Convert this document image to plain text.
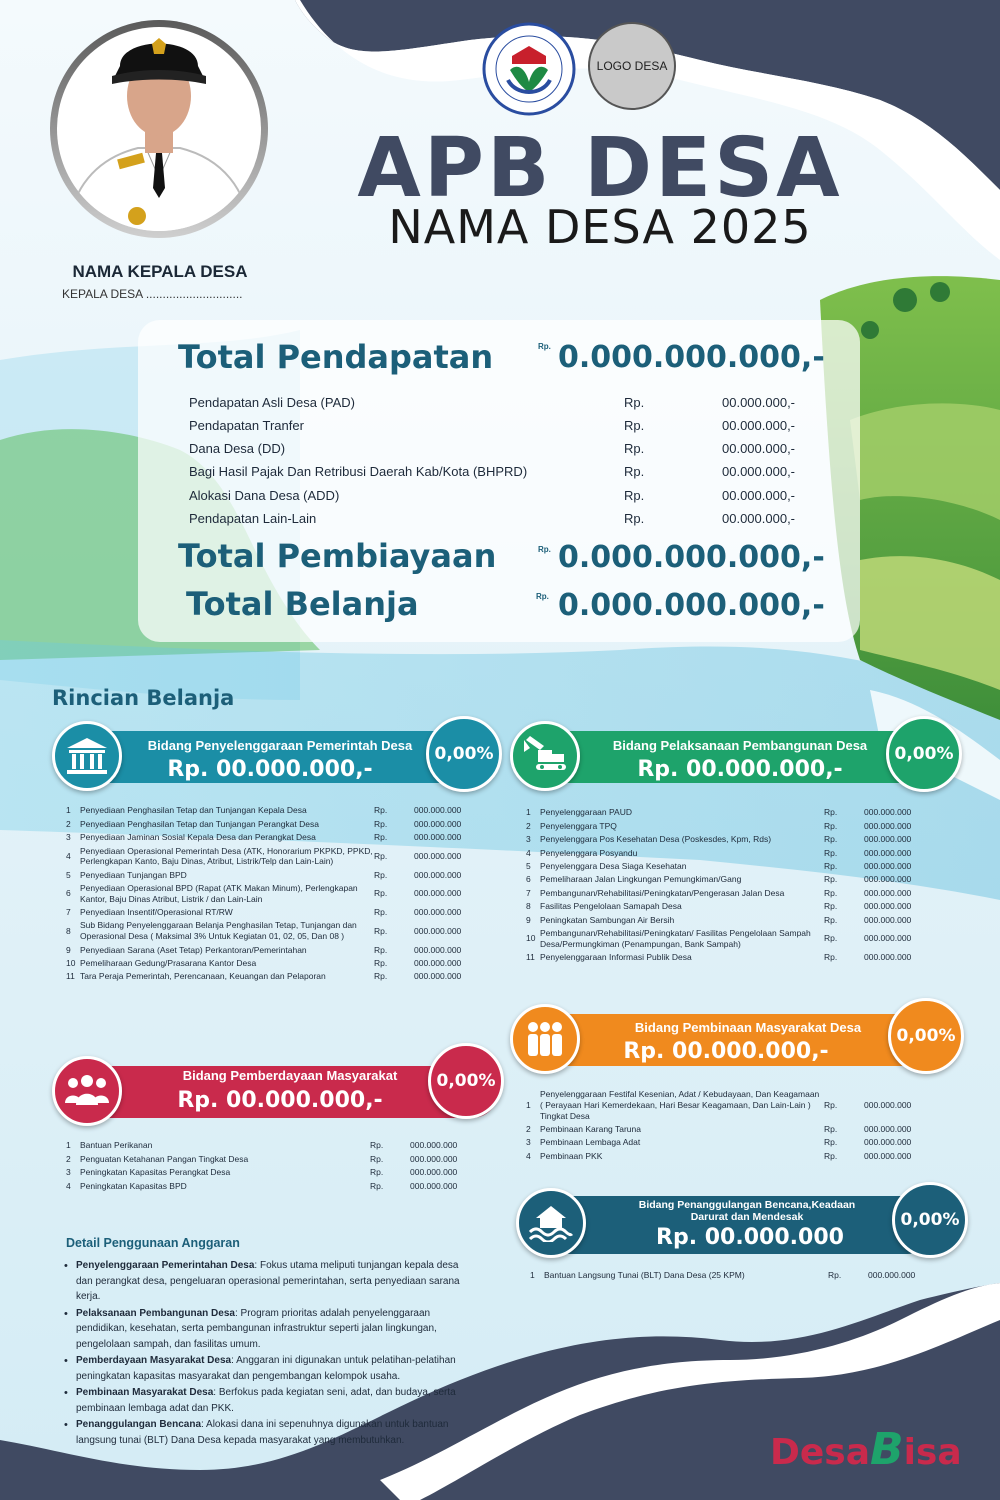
NAMA KEPALA DESA
KEPALA DESA .............................
LOGO DESA
APB DESA
NAMA DESA 2025
Total Pendapatan	Rp. 0.000.000.000,-
Pendapatan Asli Desa (PAD)	Rp.	00.000.000,-
Pendapatan Tranfer	Rp.	00.000.000,-
Dana Desa (DD)	Rp.	00.000.000,-
Bagi Hasil Pajak Dan Retribusi Daerah Kab/Kota (BHPRD)	Rp.	00.000.000,-
Alokasi Dana Desa (ADD)	Rp.	00.000.000,-
Pendapatan Lain-Lain	Rp.	00.000.000,-
Total Pembiayaan	Rp. 0.000.000.000,-
Total Belanja	Rp. 0.000.000.000,-
Rincian Belanja
Bidang Penyelenggaraan Pemerintah Desa
Rp. 00.000.000,-
0,00%
1	Penyediaan Penghasilan Tetap dan Tunjangan Kepala Desa	Rp.	000.000.000
2	Penyediaan Penghasilan Tetap dan Tunjangan Perangkat Desa	Rp.	000.000.000
3	Penyediaan Jaminan Sosial Kepala Desa dan Perangkat Desa	Rp.	000.000.000
4	Penyediaan Operasional Pemerintah Desa (ATK, Honorarium PKPKD, PPKD, Perlengkapan Kanto, Baju Dinas, Atribut, Listrik/Telp dan Lain-Lain)	Rp.	000.000.000
5	Penyediaan Tunjangan BPD	Rp.	000.000.000
6	Penyediaan Operasional BPD (Rapat (ATK Makan Minum), Perlengkapan Kantor, Baju Dinas Atribut, Listrik / dan Lain-Lain	Rp.	000.000.000
7	Penyediaan Insentif/Operasional RT/RW	Rp.	000.000.000
8	Sub Bidang Penyelenggaraan Belanja Penghasilan Tetap, Tunjangan dan Operasional Desa ( Maksimal 3% Untuk Kegiatan 01, 02, 05, Dan 08 )	Rp.	000.000.000
9	Penyediaan Sarana (Aset Tetap) Perkantoran/Pemerintahan	Rp.	000.000.000
10	Pemeliharaan Gedung/Prasarana Kantor Desa	Rp.	000.000.000
11	Tara Peraja Pemerintah, Perencanaan, Keuangan dan Pelaporan	Rp.	000.000.000
Bidang Pelaksanaan Pembangunan Desa
Rp. 00.000.000,-
0,00%
1	Penyelenggaraan PAUD	Rp.	000.000.000
2	Penyelenggara TPQ	Rp.	000.000.000
3	Penyelenggara Pos Kesehatan Desa (Poskesdes, Kpm, Rds)	Rp.	000.000.000
4	Penyelenggara Posyandu	Rp.	000.000.000
5	Penyelenggara Desa Siaga Kesehatan	Rp.	000.000.000
6	Pemeliharaan Jalan Lingkungan Pemungkiman/Gang	Rp.	000.000.000
7	Pembangunan/Rehabilitasi/Peningkatan/Pengerasan Jalan Desa	Rp.	000.000.000
8	Fasilitas Pengelolaan Samapah Desa	Rp.	000.000.000
9	Peningkatan Sambungan Air Bersih	Rp.	000.000.000
10	Pembangunan/Rehabilitasi/Peningkatan/ Fasilitas Pengelolaan Sampah Desa/Permungkiman (Penampungan, Bank Sampah)	Rp.	000.000.000
11	Penyelenggaraan Informasi Publik Desa	Rp.	000.000.000
Bidang Pemberdayaan Masyarakat
Rp. 00.000.000,-
0,00%
1	Bantuan Perikanan	Rp.	000.000.000
2	Penguatan Ketahanan Pangan Tingkat Desa	Rp.	000.000.000
3	Peningkatan Kapasitas Perangkat Desa	Rp.	000.000.000
4	Peningkatan Kapasitas BPD	Rp.	000.000.000
Bidang Pembinaan Masyarakat Desa
Rp. 00.000.000,-
0,00%
1	Penyelenggaraan Festifal Kesenian, Adat / Kebudayaan, Dan Keagamaan ( Perayaan Hari Kemerdekaan, Hari Besar Keagamaan, Dan Lain-Lain ) Tingkat Desa	Rp.	000.000.000
2	Pembinaan Karang Taruna	Rp.	000.000.000
3	Pembinaan Lembaga Adat	Rp.	000.000.000
4	Pembinaan PKK	Rp.	000.000.000
Bidang Penanggulangan Bencana,Keadaan Darurat dan Mendesak
Rp. 00.000.000
0,00%
1	Bantuan Langsung Tunai (BLT) Dana Desa (25 KPM)	Rp.	000.000.000
Detail Penggunaan Anggaran
• Penyelenggaraan Pemerintahan Desa: Fokus utama meliputi tunjangan kepala desa dan perangkat desa, pengeluaran operasional pemerintahan, serta penyediaan sarana kerja.
• Pelaksanaan Pembangunan Desa: Program prioritas adalah penyelenggaraan pendidikan, kesehatan, serta pembangunan infrastruktur seperti jalan lingkungan, pengelolaan sampah, dan fasilitas umum.
• Pemberdayaan Masyarakat Desa: Anggaran ini digunakan untuk pelatihan-pelatihan peningkatan kapasitas masyarakat dan pengembangan kelompok usaha.
• Pembinaan Masyarakat Desa: Berfokus pada kegiatan seni, adat, dan budaya, serta pembinaan lembaga adat dan PKK.
• Penanggulangan Bencana: Alokasi dana ini sepenuhnya digunakan untuk bantuan langsung tunai (BLT) Dana Desa kepada masyarakat yang membutuhkan.	DesaBisa
